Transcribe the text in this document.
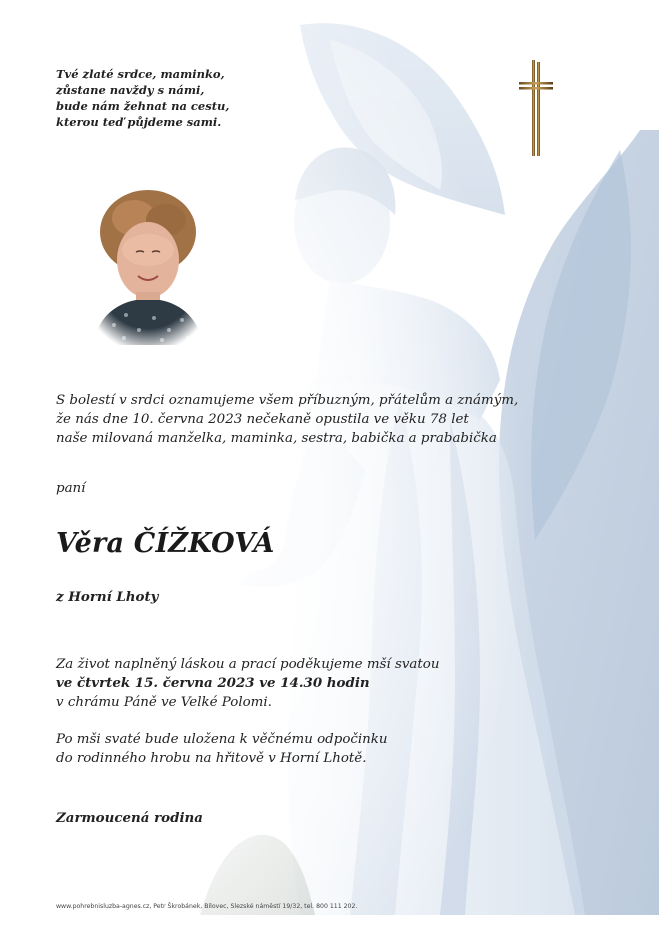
Tvé zlaté srdce, maminko,
zůstane navždy s námi,
bude nám žehnat na cestu,
kterou teď půjdeme sami.
S bolestí v srdci oznamujeme všem příbuzným, přátelům a známým,
že nás dne 10. června 2023 nečekaně opustila ve věku 78 let
naše milovaná manželka, maminka, sestra, babička a prababička
paní
Věra ČÍŽKOVÁ
z Horní Lhoty
Za život naplněný láskou a prací poděkujeme mší svatou
ve čtvrtek 15. června 2023 ve 14.30 hodin
v chrámu Páně ve Velké Polomi.
Po mši svaté bude uložena k věčnému odpočinku
do rodinného hrobu na hřitově v Horní Lhotě.
Zarmoucená rodina
www.pohrebnisluzba-agnes.cz, Petr Škrobánek, Bílovec, Slezské náměstí 19/32, tel. 800 111 202.
